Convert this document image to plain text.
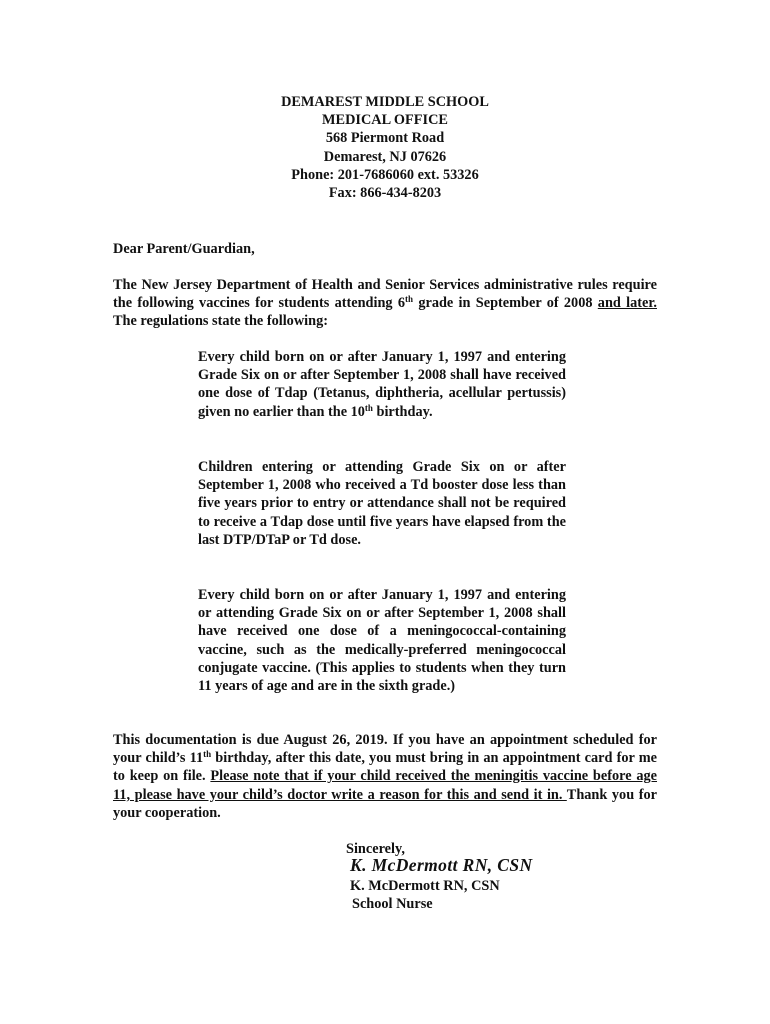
DEMAREST MIDDLE SCHOOL
MEDICAL OFFICE
568 Piermont Road
Demarest, NJ 07626
Phone: 201-7686060 ext. 53326
Fax: 866-434-8203
Dear Parent/Guardian,

The New Jersey Department of Health and Senior Services administrative rules require the following vaccines for students attending 6th grade in September of 2008 and later. The regulations state the following:

Every child born on or after January 1, 1997 and entering Grade Six on or after September 1, 2008 shall have received one dose of Tdap (Tetanus, diphtheria, acellular pertussis) given no earlier than the 10th birthday.

Children entering or attending Grade Six on or after September 1, 2008 who received a Td booster dose less than five years prior to entry or attendance shall not be required to receive a Tdap dose until five years have elapsed from the last DTP/DTaP or Td dose.

Every child born on or after January 1, 1997 and entering or attending Grade Six on or after September 1, 2008 shall have received one dose of a meningococcal-containing vaccine, such as the medically-preferred meningococcal conjugate vaccine. (This applies to students when they turn 11 years of age and are in the sixth grade.)

This documentation is due August 26, 2019. If you have an appointment scheduled for your child’s 11th birthday, after this date, you must bring in an appointment card for me to keep on file. Please note that if your child received the meningitis vaccine before age 11, please have your child’s doctor write a reason for this and send it in. Thank you for your cooperation.

Sincerely,
K. McDermott RN, CSN
K. McDermott RN, CSN
School Nurse
